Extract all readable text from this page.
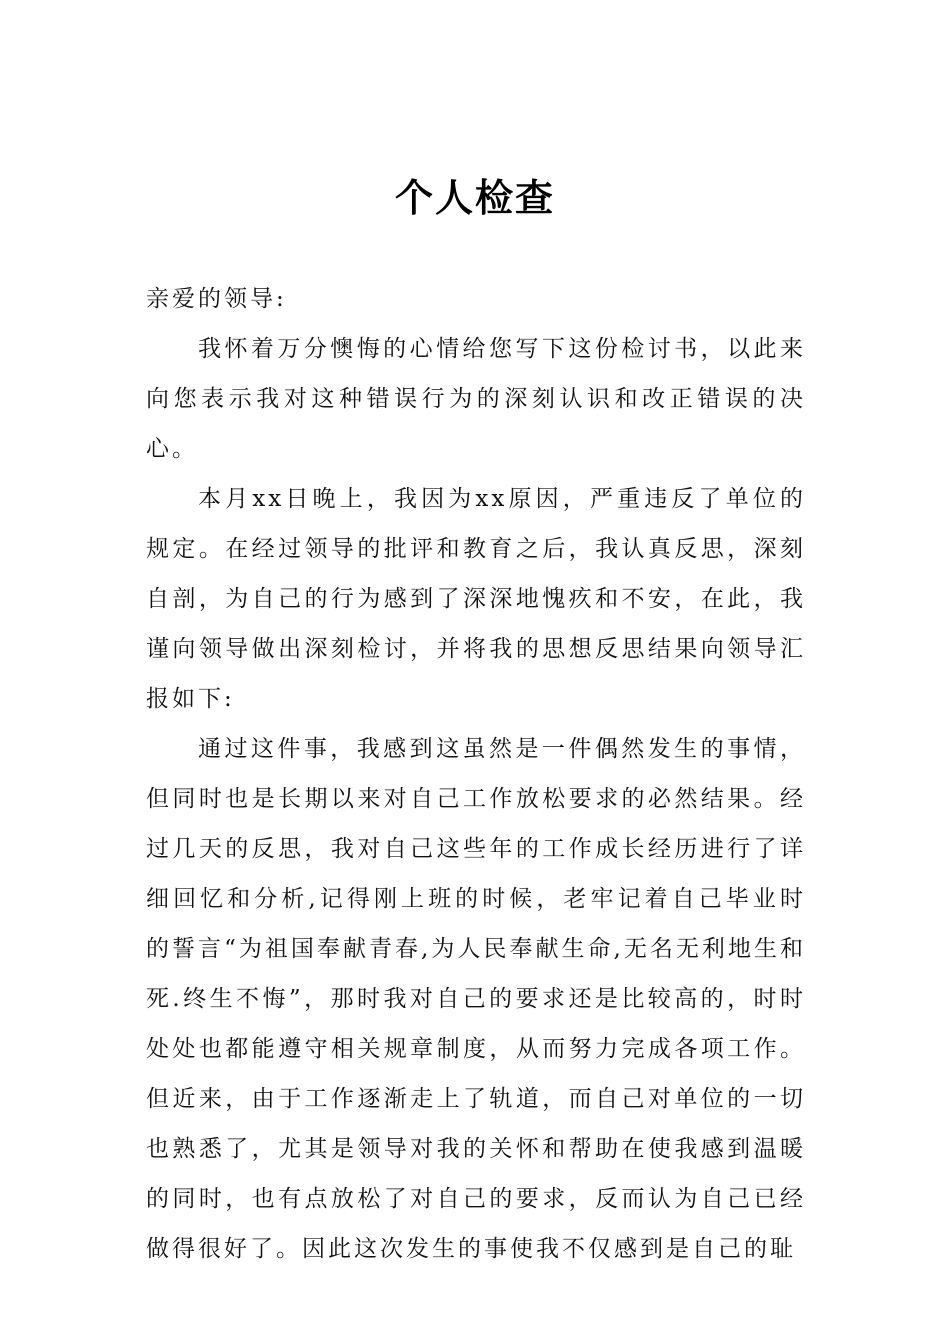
个人检查

亲爱的领导:

我怀着万分懊悔的心情给您写下这份检讨书，以此来向您表示我对这种错误行为的深刻认识和改正错误的决心。

本月xx日晚上，我因为xx原因，严重违反了单位的规定。在经过领导的批评和教育之后，我认真反思，深刻自剖，为自己的行为感到了深深地愧疚和不安，在此，我谨向领导做出深刻检讨，并将我的思想反思结果向领导汇报如下:

通过这件事，我感到这虽然是一件偶然发生的事情，但同时也是长期以来对自己工作放松要求的必然结果。经过几天的反思，我对自己这些年的工作成长经历进行了详细回忆和分析,记得刚上班的时候，老牢记着自己毕业时的誓言“为祖国奉献青春,为人民奉献生命,无名无利地生和死.终生不悔”，那时我对自己的要求还是比较高的，时时处处也都能遵守相关规章制度，从而努力完成各项工作。但近来，由于工作逐渐走上了轨道，而自己对单位的一切也熟悉了，尤其是领导对我的关怀和帮助在使我感到温暖的同时，也有点放松了对自己的要求，反而认为自己已经做得很好了。因此这次发生的事使我不仅感到是自己的耻
